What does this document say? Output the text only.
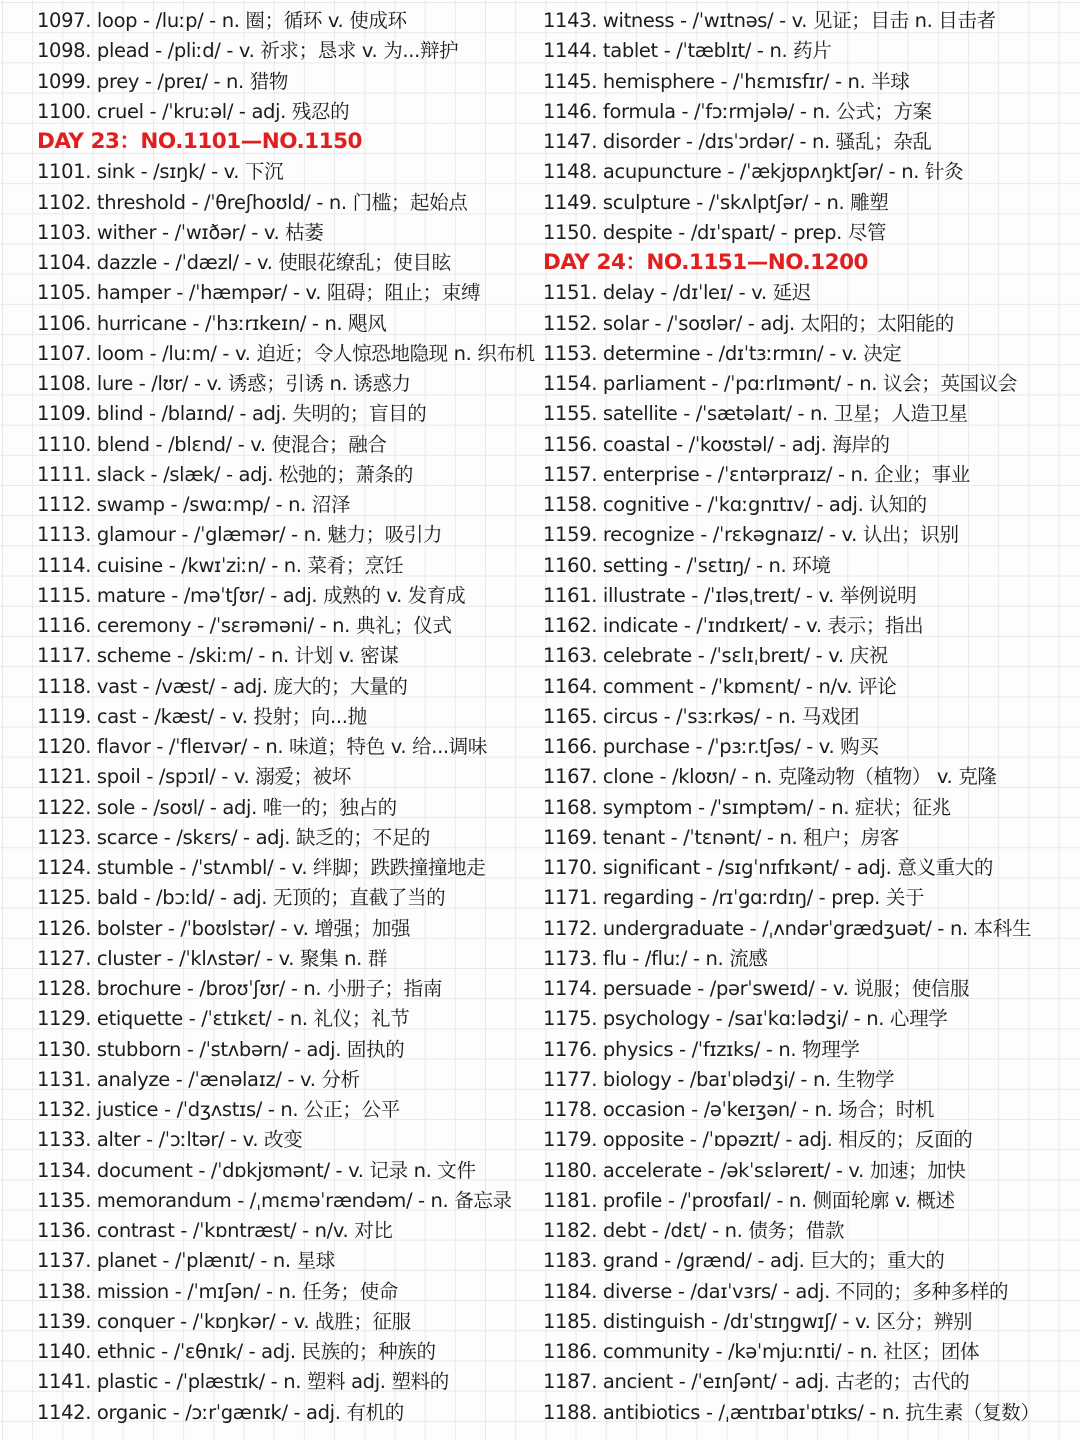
1097. loop - /luːp/ - n. 圈；循环 v. 使成环
1098. plead - /pliːd/ - v. 祈求；恳求 v. 为...辩护
1099. prey - /preɪ/ - n. 猎物
1100. cruel - /ˈkruːəl/ - adj. 残忍的
DAY 23：NO.1101—NO.1150
1101. sink - /sɪŋk/ - v. 下沉
1102. threshold - /ˈθreʃhoʊld/ - n. 门槛；起始点
1103. wither - /ˈwɪðər/ - v. 枯萎
1104. dazzle - /ˈdæzl/ - v. 使眼花缭乱；使目眩
1105. hamper - /ˈhæmpər/ - v. 阻碍；阻止；束缚
1106. hurricane - /ˈhɜːrɪkeɪn/ - n. 飓风
1107. loom - /luːm/ - v. 迫近；令人惊恐地隐现 n. 织布机
1108. lure - /lʊr/ - v. 诱惑；引诱 n. 诱惑力
1109. blind - /blaɪnd/ - adj. 失明的；盲目的
1110. blend - /blɛnd/ - v. 使混合；融合
1111. slack - /slæk/ - adj. 松弛的；萧条的
1112. swamp - /swɑːmp/ - n. 沼泽
1113. glamour - /ˈglæmər/ - n. 魅力；吸引力
1114. cuisine - /kwɪˈziːn/ - n. 菜肴；烹饪
1115. mature - /məˈtʃʊr/ - adj. 成熟的 v. 发育成
1116. ceremony - /ˈsɛrəməni/ - n. 典礼；仪式
1117. scheme - /skiːm/ - n. 计划 v. 密谋
1118. vast - /væst/ - adj. 庞大的；大量的
1119. cast - /kæst/ - v. 投射；向...抛
1120. flavor - /ˈfleɪvər/ - n. 味道；特色 v. 给...调味
1121. spoil - /spɔɪl/ - v. 溺爱；被坏
1122. sole - /soʊl/ - adj. 唯一的；独占的
1123. scarce - /skɛrs/ - adj. 缺乏的；不足的
1124. stumble - /ˈstʌmbl/ - v. 绊脚；跌跌撞撞地走
1125. bald - /bɔːld/ - adj. 无顶的；直截了当的
1126. bolster - /ˈboʊlstər/ - v. 增强；加强
1127. cluster - /ˈklʌstər/ - v. 聚集 n. 群
1128. brochure - /broʊˈʃʊr/ - n. 小册子；指南
1129. etiquette - /ˈɛtɪkɛt/ - n. 礼仪；礼节
1130. stubborn - /ˈstʌbərn/ - adj. 固执的
1131. analyze - /ˈænəlaɪz/ - v. 分析
1132. justice - /ˈdʒʌstɪs/ - n. 公正；公平
1133. alter - /ˈɔːltər/ - v. 改变
1134. document - /ˈdɒkjʊmənt/ - v. 记录 n. 文件
1135. memorandum - /ˌmɛməˈrændəm/ - n. 备忘录
1136. contrast - /ˈkɒntræst/ - n/v. 对比
1137. planet - /ˈplænɪt/ - n. 星球
1138. mission - /ˈmɪʃən/ - n. 任务；使命
1139. conquer - /ˈkɒŋkər/ - v. 战胜；征服
1140. ethnic - /ˈɛθnɪk/ - adj. 民族的；种族的
1141. plastic - /ˈplæstɪk/ - n. 塑料 adj. 塑料的
1142. organic - /ɔːrˈgænɪk/ - adj. 有机的
1143. witness - /ˈwɪtnəs/ - v. 见证；目击 n. 目击者
1144. tablet - /ˈtæblɪt/ - n. 药片
1145. hemisphere - /ˈhɛmɪsfɪr/ - n. 半球
1146. formula - /ˈfɔːrmjələ/ - n. 公式；方案
1147. disorder - /dɪsˈɔrdər/ - n. 骚乱；杂乱
1148. acupuncture - /ˈækjʊpʌŋktʃər/ - n. 针灸
1149. sculpture - /ˈskʌlptʃər/ - n. 雕塑
1150. despite - /dɪˈspaɪt/ - prep. 尽管
DAY 24：NO.1151—NO.1200
1151. delay - /dɪˈleɪ/ - v. 延迟
1152. solar - /ˈsoʊlər/ - adj. 太阳的；太阳能的
1153. determine - /dɪˈtɜːrmɪn/ - v. 决定
1154. parliament - /ˈpɑːrlɪmənt/ - n. 议会；英国议会
1155. satellite - /ˈsætəlaɪt/ - n. 卫星；人造卫星
1156. coastal - /ˈkoʊstəl/ - adj. 海岸的
1157. enterprise - /ˈɛntərpraɪz/ - n. 企业；事业
1158. cognitive - /ˈkɑːgnɪtɪv/ - adj. 认知的
1159. recognize - /ˈrɛkəgnaɪz/ - v. 认出；识别
1160. setting - /ˈsɛtɪŋ/ - n. 环境
1161. illustrate - /ˈɪləsˌtreɪt/ - v. 举例说明
1162. indicate - /ˈɪndɪkeɪt/ - v. 表示；指出
1163. celebrate - /ˈsɛlɪˌbreɪt/ - v. 庆祝
1164. comment - /ˈkɒmɛnt/ - n/v. 评论
1165. circus - /ˈsɜːrkəs/ - n. 马戏团
1166. purchase - /ˈpɜːr.tʃəs/ - v. 购买
1167. clone - /kloʊn/ - n. 克隆动物（植物） v. 克隆
1168. symptom - /ˈsɪmptəm/ - n. 症状；征兆
1169. tenant - /ˈtɛnənt/ - n. 租户；房客
1170. significant - /sɪgˈnɪfɪkənt/ - adj. 意义重大的
1171. regarding - /rɪˈgɑːrdɪŋ/ - prep. 关于
1172. undergraduate - /ˌʌndərˈgrædʒuət/ - n. 本科生
1173. flu - /fluː/ - n. 流感
1174. persuade - /pərˈsweɪd/ - v. 说服；使信服
1175. psychology - /saɪˈkɑːlədʒi/ - n. 心理学
1176. physics - /ˈfɪzɪks/ - n. 物理学
1177. biology - /baɪˈɒlədʒi/ - n. 生物学
1178. occasion - /əˈkeɪʒən/ - n. 场合；时机
1179. opposite - /ˈɒpəzɪt/ - adj. 相反的；反面的
1180. accelerate - /əkˈsɛləreɪt/ - v. 加速；加快
1181. profile - /ˈproʊfaɪl/ - n. 侧面轮廓 v. 概述
1182. debt - /dɛt/ - n. 债务；借款
1183. grand - /grænd/ - adj. 巨大的；重大的
1184. diverse - /daɪˈvɜrs/ - adj. 不同的；多种多样的
1185. distinguish - /dɪˈstɪŋgwɪʃ/ - v. 区分；辨别
1186. community - /kəˈmjuːnɪti/ - n. 社区；团体
1187. ancient - /ˈeɪnʃənt/ - adj. 古老的；古代的
1188. antibiotics - /ˌæntɪbaɪˈɒtɪks/ - n. 抗生素（复数）
